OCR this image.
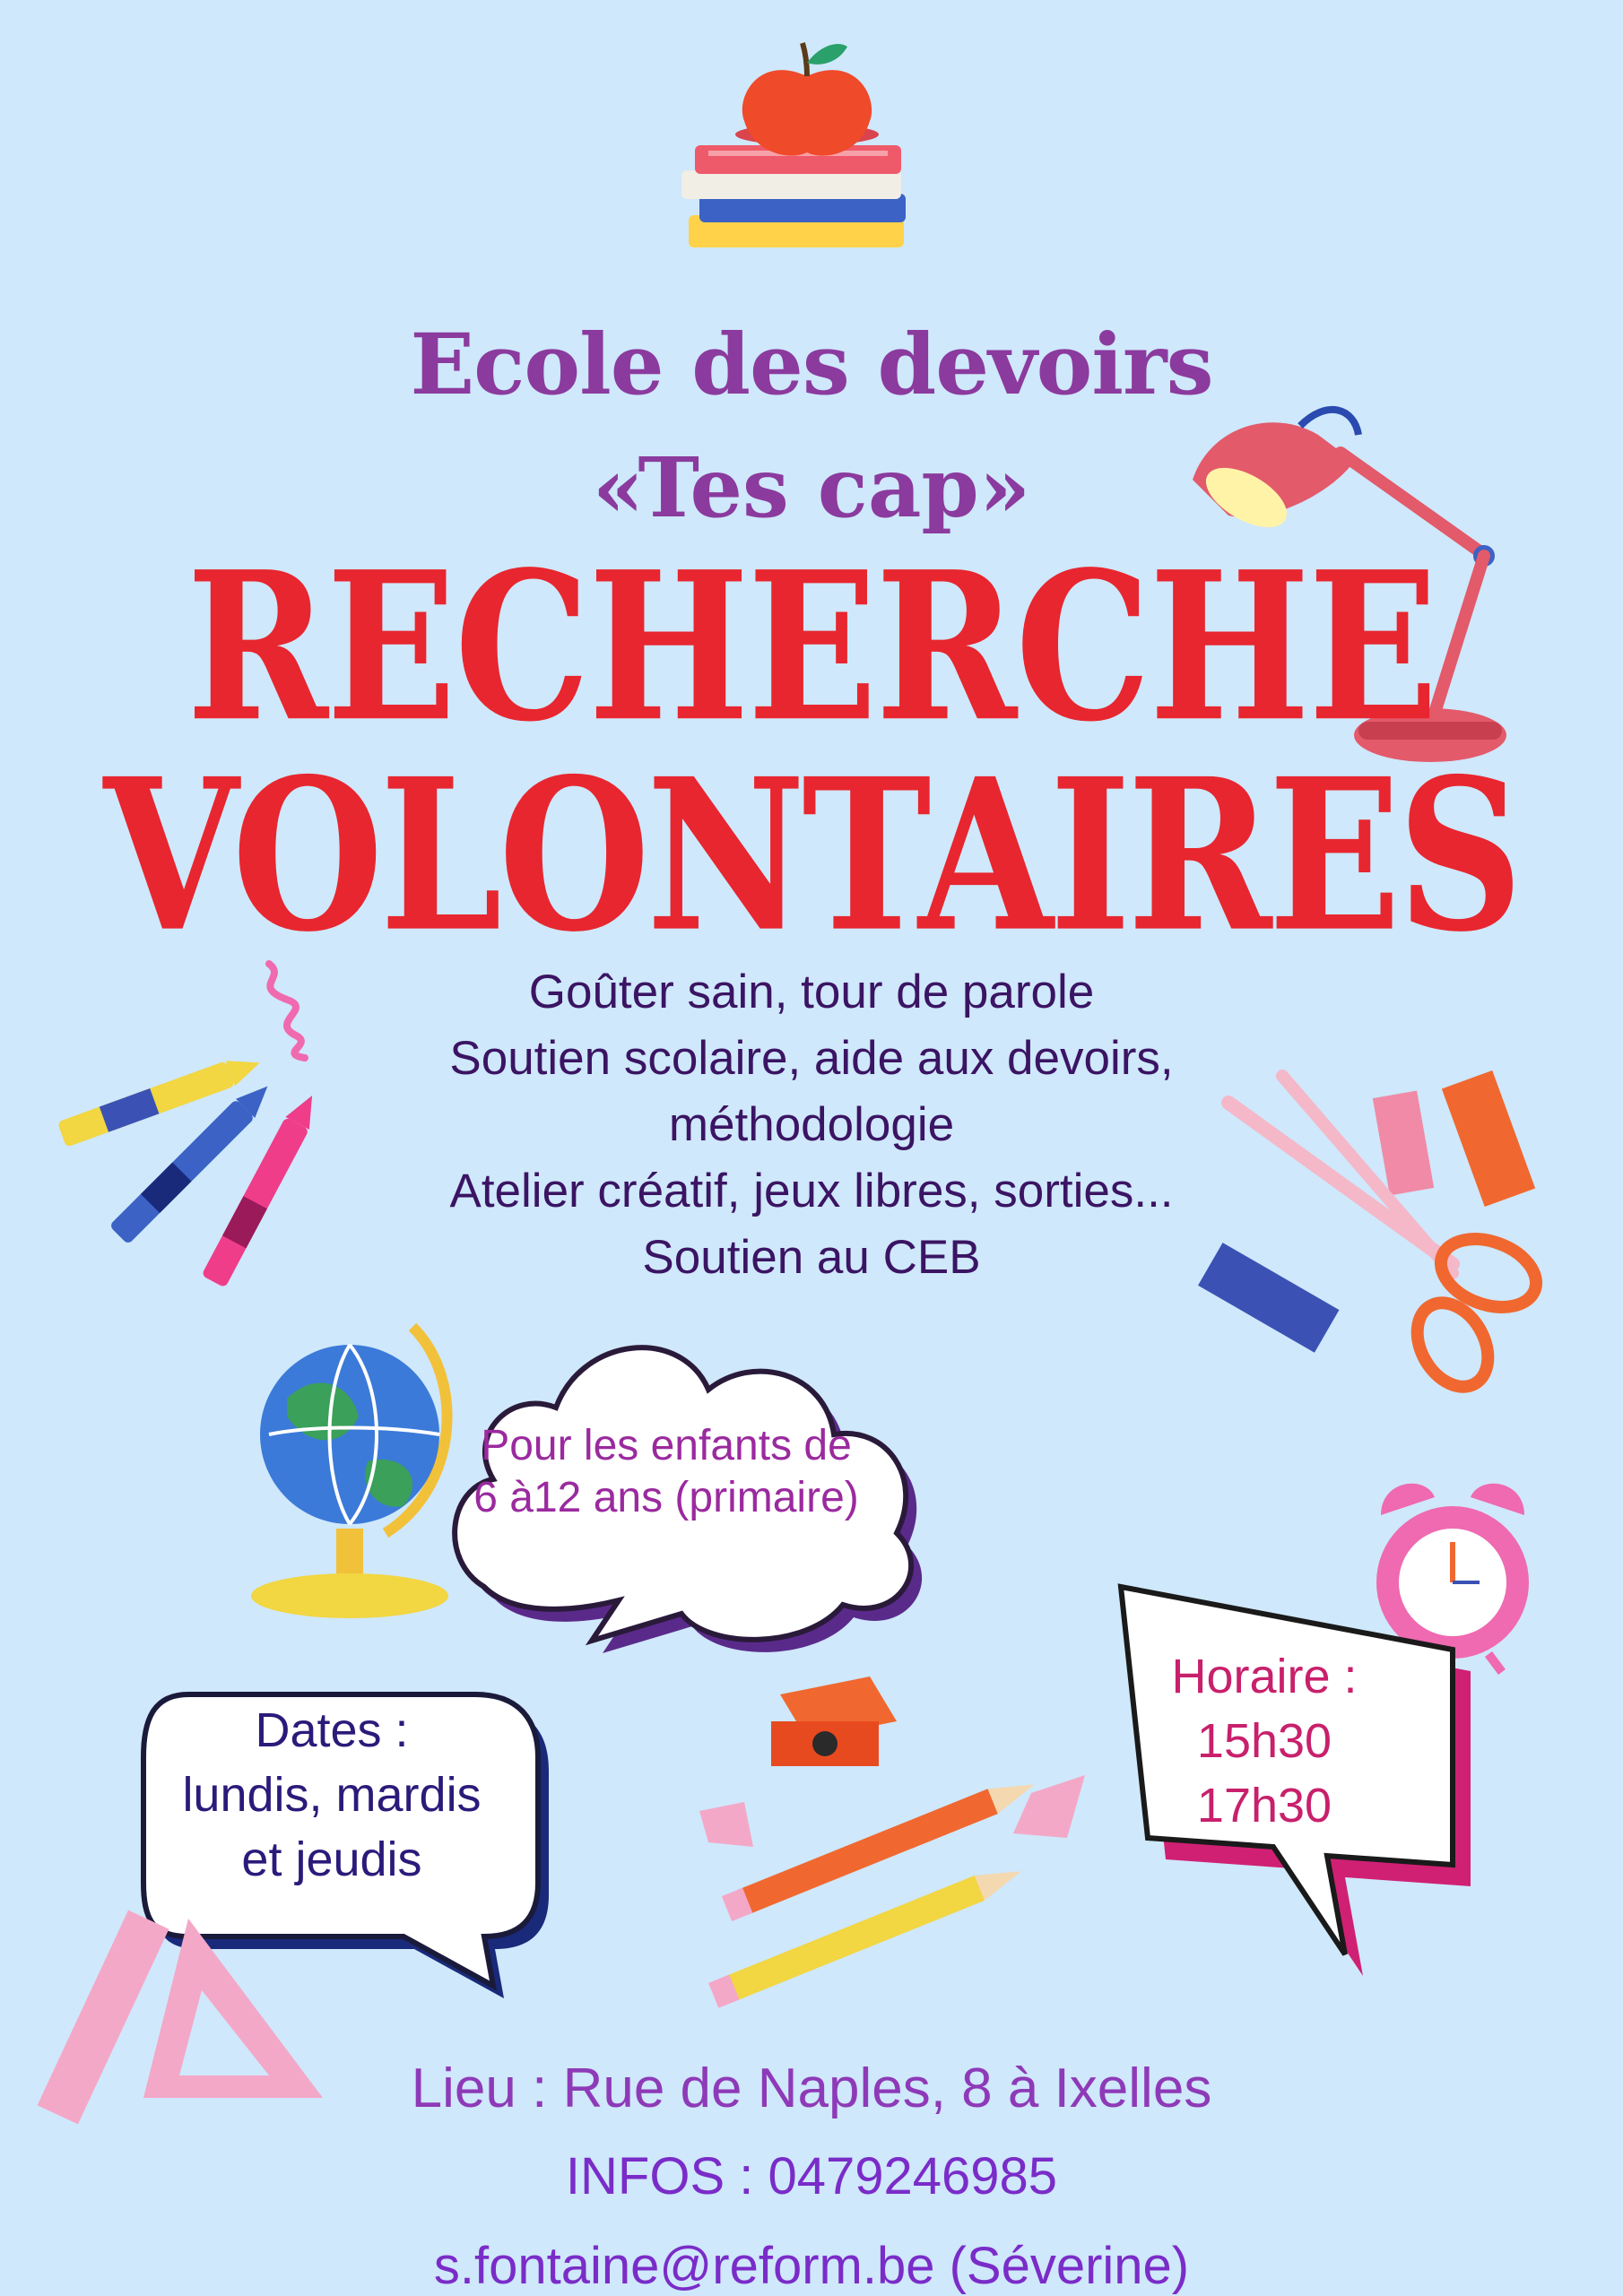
Ecole des devoirs
«Tes cap»
RECHERCHE
VOLONTAIRES
Goûter sain, tour de parole
Soutien scolaire, aide aux devoirs,
méthodologie
Atelier créatif, jeux libres, sorties...
Soutien au CEB
Pour les enfants de
6 à12 ans (primaire)
Dates :
lundis, mardis
et jeudis
Horaire :
15h30
17h30
Lieu : Rue de Naples, 8 à Ixelles
INFOS : 0479246985
s.fontaine@reform.be (Séverine)
